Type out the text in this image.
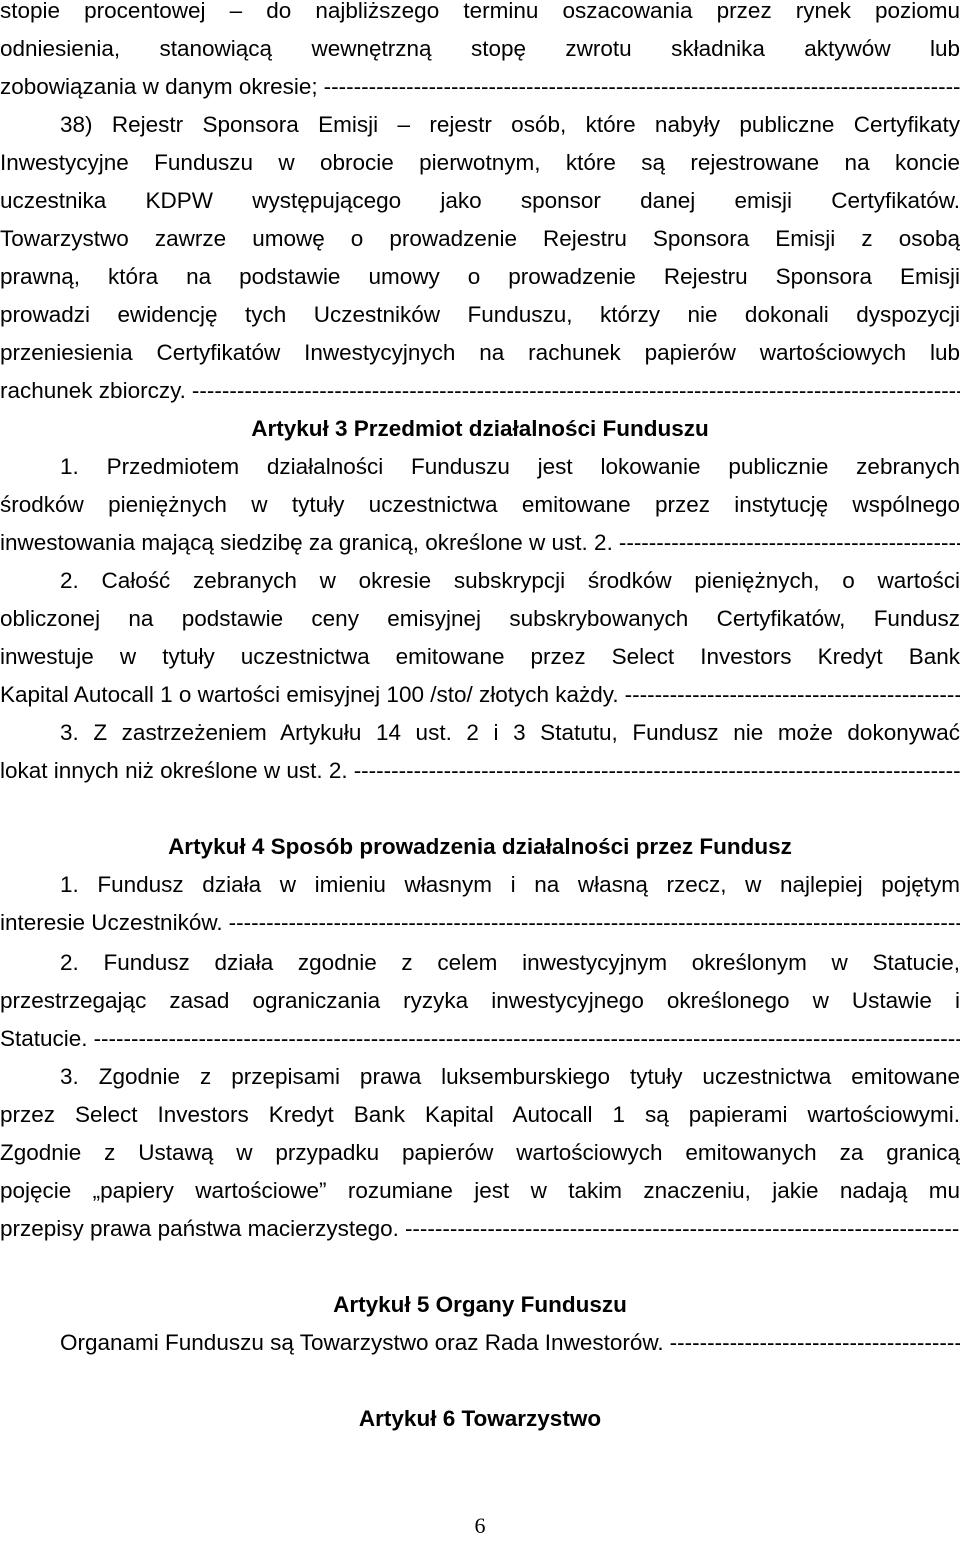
stopie procentowej – do najbliższego terminu oszacowania przez rynek poziomu

odniesienia, stanowiącą wewnętrzną stopę zwrotu składnika aktywów lub

zobowiązania w danym okresie;
-----

38) Rejestr Sponsora Emisji – rejestr osób, które nabyły publiczne Certyfikaty

Inwestycyjne Funduszu w obrocie pierwotnym, które są rejestrowane na koncie

uczestnika KDPW występującego jako sponsor danej emisji Certyfikatów.

Towarzystwo zawrze umowę o prowadzenie Rejestru Sponsora Emisji z osobą

prawną, która na podstawie umowy o prowadzenie Rejestru Sponsora Emisji

prowadzi ewidencję tych Uczestników Funduszu, którzy nie dokonali dyspozycji

przeniesienia Certyfikatów Inwestycyjnych na rachunek papierów wartościowych lub

rachunek zbiorczy.
-----
Artykuł 3 Przedmiot działalności Funduszu

1. Przedmiotem działalności Funduszu jest lokowanie publicznie zebranych

środków pieniężnych w tytuły uczestnictwa emitowane przez instytucję wspólnego

inwestowania mającą siedzibę za granicą, określone w ust. 2.
-----

2. Całość zebranych w okresie subskrypcji środków pieniężnych, o wartości

obliczonej na podstawie ceny emisyjnej subskrybowanych Certyfikatów, Fundusz

inwestuje w tytuły uczestnictwa emitowane przez Select Investors Kredyt Bank

Kapital Autocall 1 o wartości emisyjnej 100 /sto/ złotych każdy.
-----

3. Z zastrzeżeniem Artykułu 14 ust. 2 i 3 Statutu, Fundusz nie może dokonywać

lokat innych niż określone w ust. 2.
-----
Artykuł 4 Sposób prowadzenia działalności przez Fundusz

1. Fundusz działa w imieniu własnym i na własną rzecz, w najlepiej pojętym

interesie Uczestników.
-----

2. Fundusz działa zgodnie z celem inwestycyjnym określonym w Statucie,

przestrzegając zasad ograniczania ryzyka inwestycyjnego określonego w Ustawie i

Statucie.
-----

3. Zgodnie z przepisami prawa luksemburskiego tytuły uczestnictwa emitowane

przez Select Investors Kredyt Bank Kapital Autocall 1 są papierami wartościowymi.

Zgodnie z Ustawą w przypadku papierów wartościowych emitowanych za granicą

pojęcie „papiery wartościowe” rozumiane jest w takim znaczeniu, jakie nadają mu

przepisy prawa państwa macierzystego.
-----
Artykuł 5 Organy Funduszu
Organami Funduszu są Towarzystwo oraz Rada Inwestorów.
-----
Artykuł 6 Towarzystwo
6
